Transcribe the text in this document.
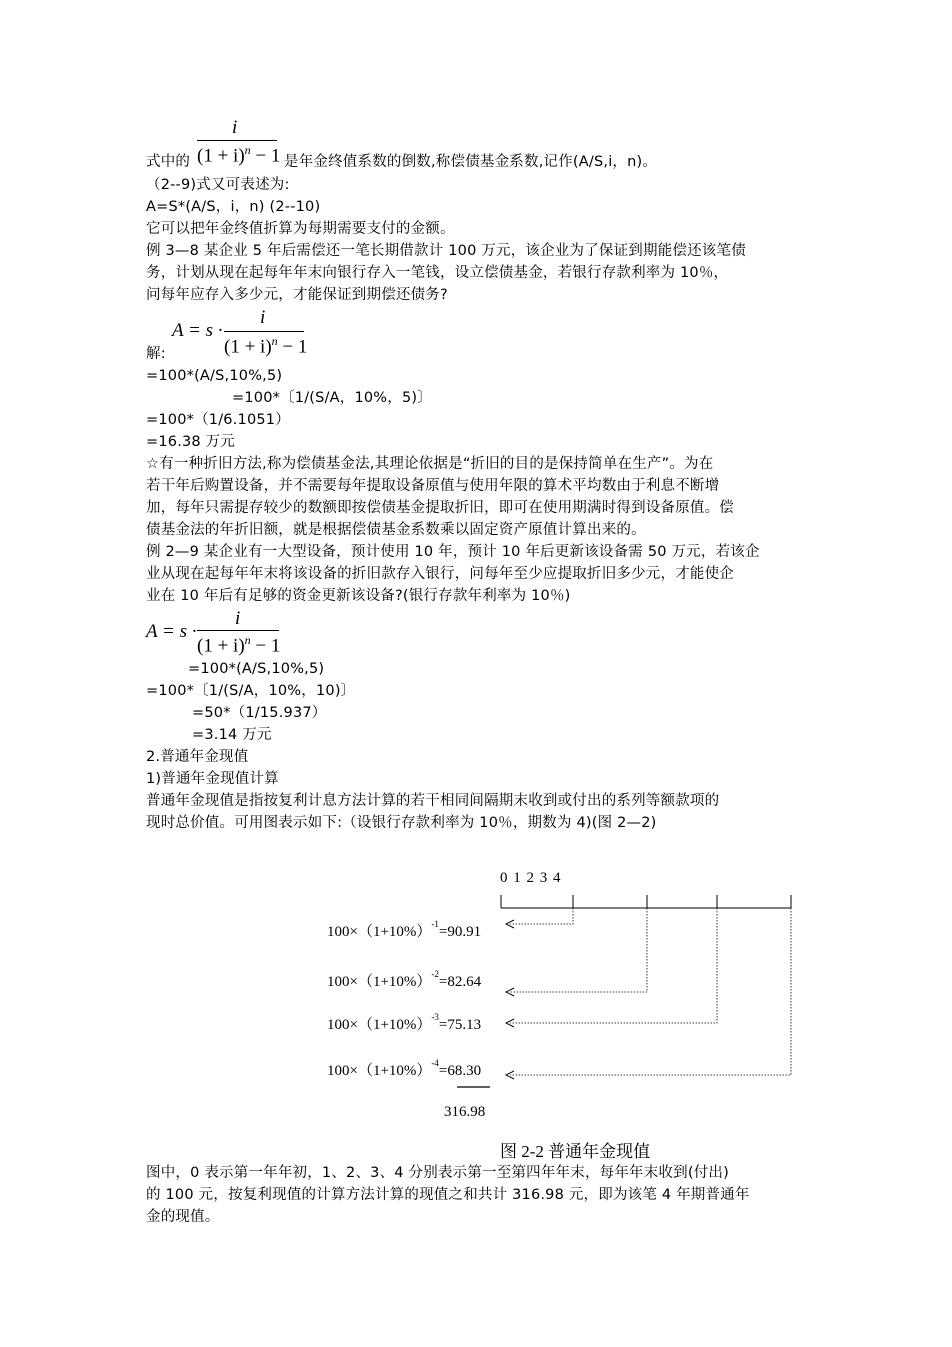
i
$(1 + i)^n - 1$
式中的	是年金终值系数的倒数,称偿债基金系数,记作(A/S,i，n)。
（2--9)式又可表述为:
A=S*(A/S，i，n) (2--10)
它可以把年金终值折算为每期需要支付的金额。
例 3—8 某企业 5 年后需偿还一笔长期借款计 100 万元，该企业为了保证到期能偿还该笔债
务，计划从现在起每年年末向银行存入一笔钱，设立偿债基金，若银行存款利率为 10％，
问每年应存入多少元，才能保证到期偿还债务?
A = s ·
i
$(1 + i)^n - 1$
解:
=100*(A/S,10%,5)
=100*〔1/(S/A，10%，5)〕
=100*（1/6.1051）
=16.38 万元
☆有一种折旧方法,称为偿债基金法,其理论依据是“折旧的目的是保持简单在生产”。为在
若干年后购置设备，并不需要每年提取设备原值与使用年限的算术平均数由于利息不断增
加，每年只需提存较少的数额即按偿债基金提取折旧，即可在使用期满时得到设备原值。偿
债基金法的年折旧额，就是根据偿债基金系数乘以固定资产原值计算出来的。
例 2—9 某企业有一大型设备，预计使用 10 年，预计 10 年后更新该设备需 50 万元，若该企
业从现在起每年年末将该设备的折旧款存入银行，问每年至少应提取折旧多少元，才能使企
业在 10 年后有足够的资金更新该设备?(银行存款年利率为 10％)
A = s ·
i
$(1 + i)^n - 1$
=100*(A/S,10%,5)
=100*〔1/(S/A，10%，10)〕
=50*（1/15.937）
=3.14 万元
2.普通年金现值
1)普通年金现值计算
普通年金现值是指按复利计息方法计算的若干相同间隔期末收到或付出的系列等额款项的
现时总价值。可用图表示如下:（设银行存款利率为 10％，期数为 4)(图 2—2)
0 1 2 3 4
$100\times(1+10\%)^{-1}=90.91$
$100\times(1+10\%)^{-2}=82.64$
$100\times(1+10\%)^{-3}=75.13$
$100\times(1+10\%)^{-4}=68.30$
316.98
图 2-2 普通年金现值
图中，0 表示第一年年初，1、2、3、4 分别表示第一至第四年年末，每年年末收到(付出)
的 100 元，按复利现值的计算方法计算的现值之和共计 316.98 元，即为该笔 4 年期普通年
金的现值。
